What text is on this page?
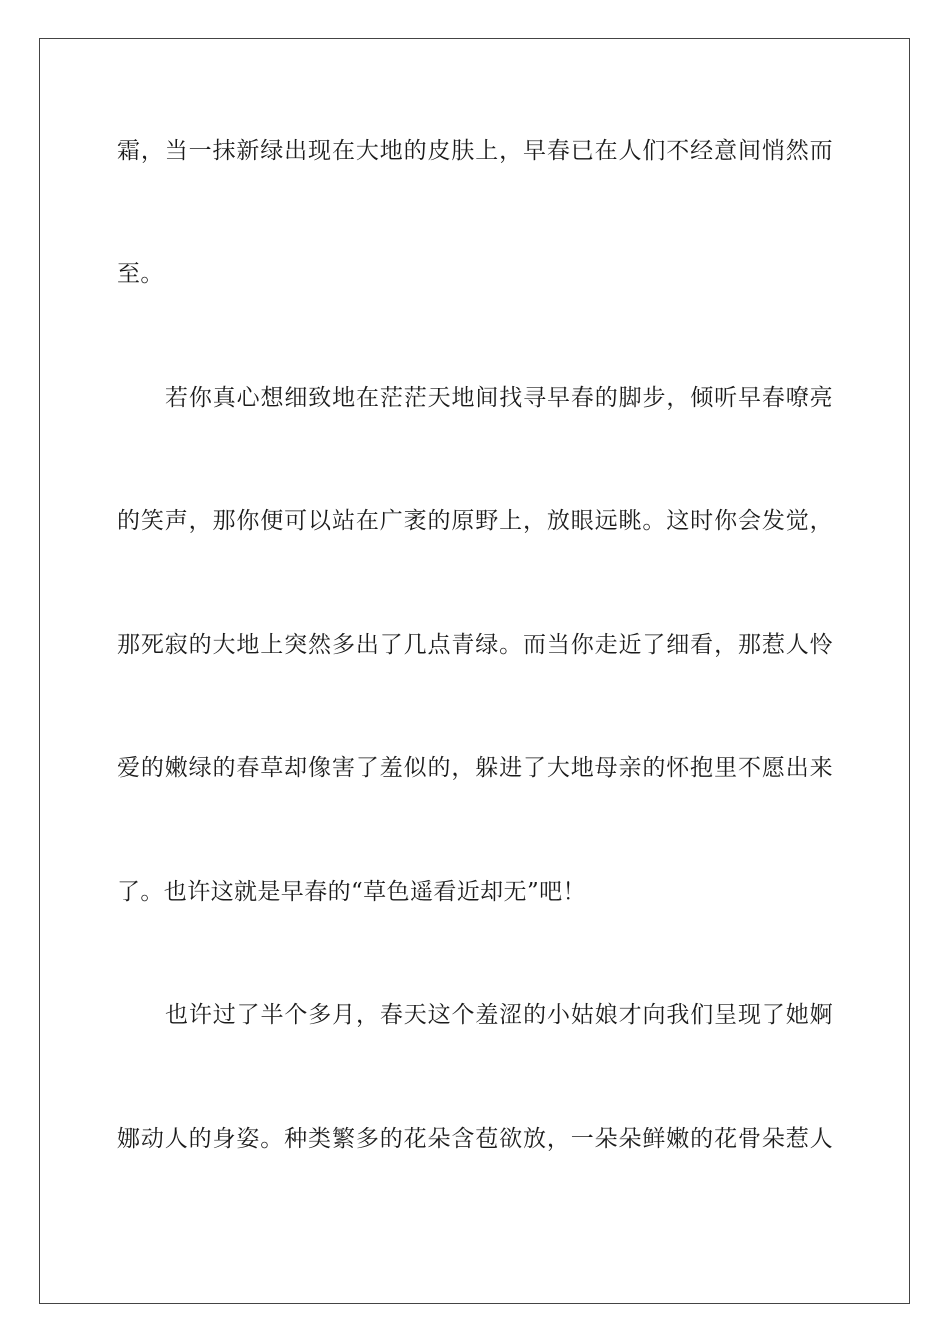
霜，当一抹新绿出现在大地的皮肤上，早春已在人们不经意间悄然而
至。
若你真心想细致地在茫茫天地间找寻早春的脚步，倾听早春嘹亮
的笑声，那你便可以站在广袤的原野上，放眼远眺。这时你会发觉，
那死寂的大地上突然多出了几点青绿。而当你走近了细看，那惹人怜
爱的嫩绿的春草却像害了羞似的，躲进了大地母亲的怀抱里不愿出来
了。也许这就是早春的“草色遥看近却无”吧！
也许过了半个多月，春天这个羞涩的小姑娘才向我们呈现了她婀
娜动人的身姿。种类繁多的花朵含苞欲放，一朵朵鲜嫩的花骨朵惹人
